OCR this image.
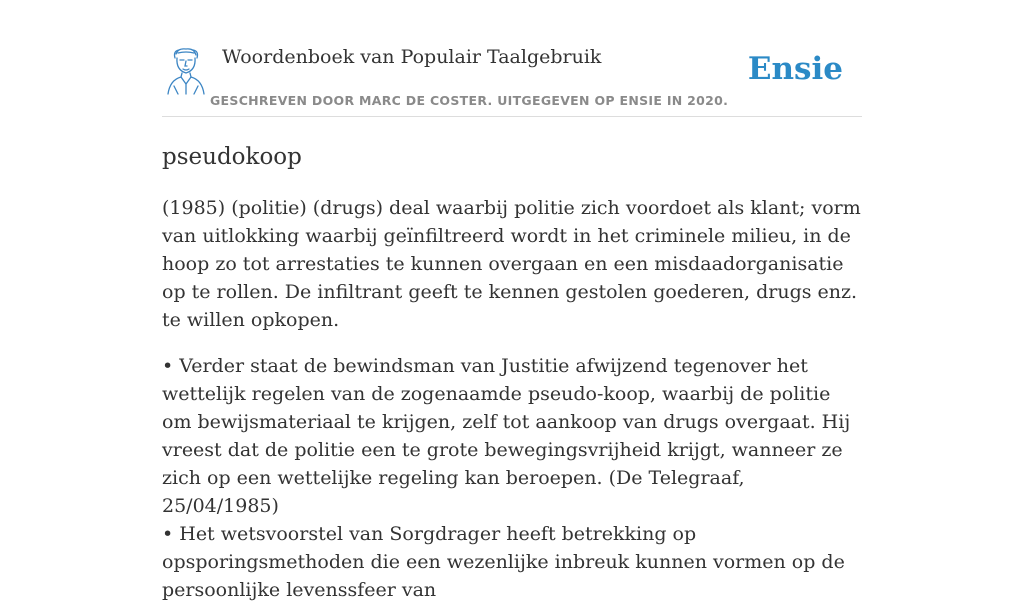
Woordenboek van Populair Taalgebruik
GESCHREVEN DOOR MARC DE COSTER. UITGEGEVEN OP ENSIE IN 2020.
Ensie
pseudokoop

(1985) (politie) (drugs) deal waarbij politie zich voordoet als klant; vorm van uitlokking waarbij geïnfiltreerd wordt in het criminele milieu, in de hoop zo tot arrestaties te kunnen overgaan en een misdaadorganisatie op te rollen. De infiltrant geeft te kennen gestolen goederen, drugs enz. te willen opkopen.

• Verder staat de bewindsman van Justitie afwijzend tegenover het wettelijk regelen van de zogenaamde pseudo-koop, waarbij de politie om bewijsmateriaal te krijgen, zelf tot aankoop van drugs overgaat. Hij vreest dat de politie een te grote bewegingsvrijheid krijgt, wanneer ze zich op een wettelijke regeling kan beroepen. (De Telegraaf, 25/04/1985)

• Het wetsvoorstel van Sorgdrager heeft betrekking op opsporingsmethoden die een wezenlijke inbreuk kunnen vormen op de persoonlijke levenssfeer van
